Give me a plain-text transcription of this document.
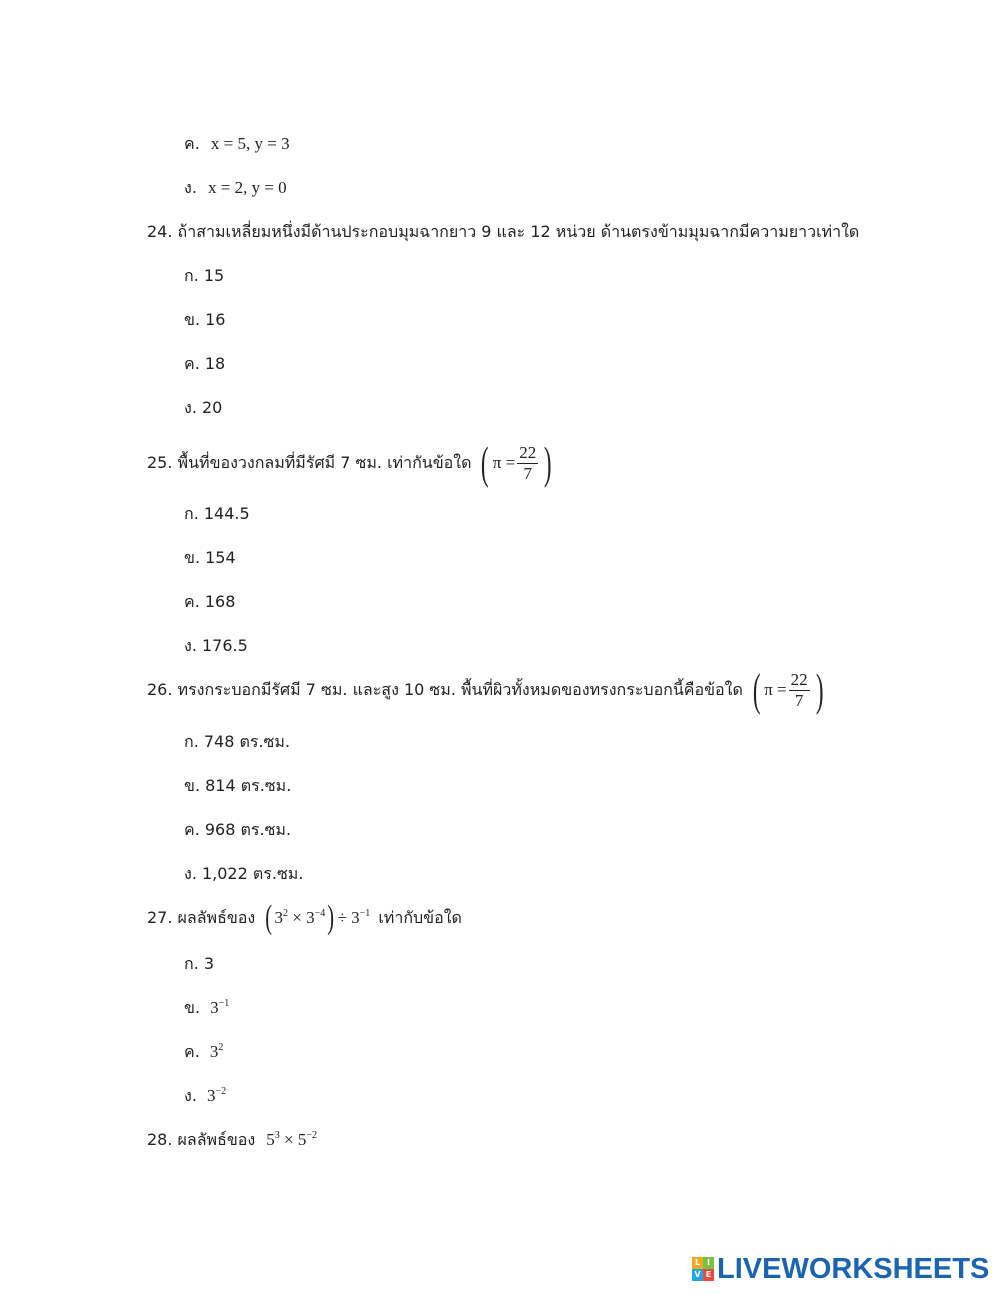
ค. x = 5, y = 3
ง. x = 2, y = 0
24. ถ้าสามเหลี่ยมหนึ่งมีด้านประกอบมุมฉากยาว 9 และ 12 หน่วย ด้านตรงข้ามมุมฉากมีความยาวเท่าใด
ก. 15
ข. 16
ค. 18
ง. 20
25. พื้นที่ของวงกลมที่มีรัศมี 7 ซม. เท่ากันข้อใด ( $\pi = \frac{22}{7}$ )
ก. 144.5
ข. 154
ค. 168
ง. 176.5
26. ทรงกระบอกมีรัศมี 7 ซม. และสูง 10 ซม. พื้นที่ผิวทั้งหมดของทรงกระบอกนี้คือข้อใด ( $\pi = \frac{22}{7}$ )
ก. 748 ตร.ซม.
ข. 814 ตร.ซม.
ค. 968 ตร.ซม.
ง. 1,022 ตร.ซม.
27. ผลลัพธ์ของ ( $3^2 \times 3^{-4}$ ) ÷ $3^{-1}$ เท่ากับข้อใด
ก. 3
ข. $3^{-1}$
ค. $3^2$
ง. $3^{-2}$
28. ผลลัพธ์ของ $5^3 \times 5^{-2}$
L I
V E LIVEWORKSHEETS
